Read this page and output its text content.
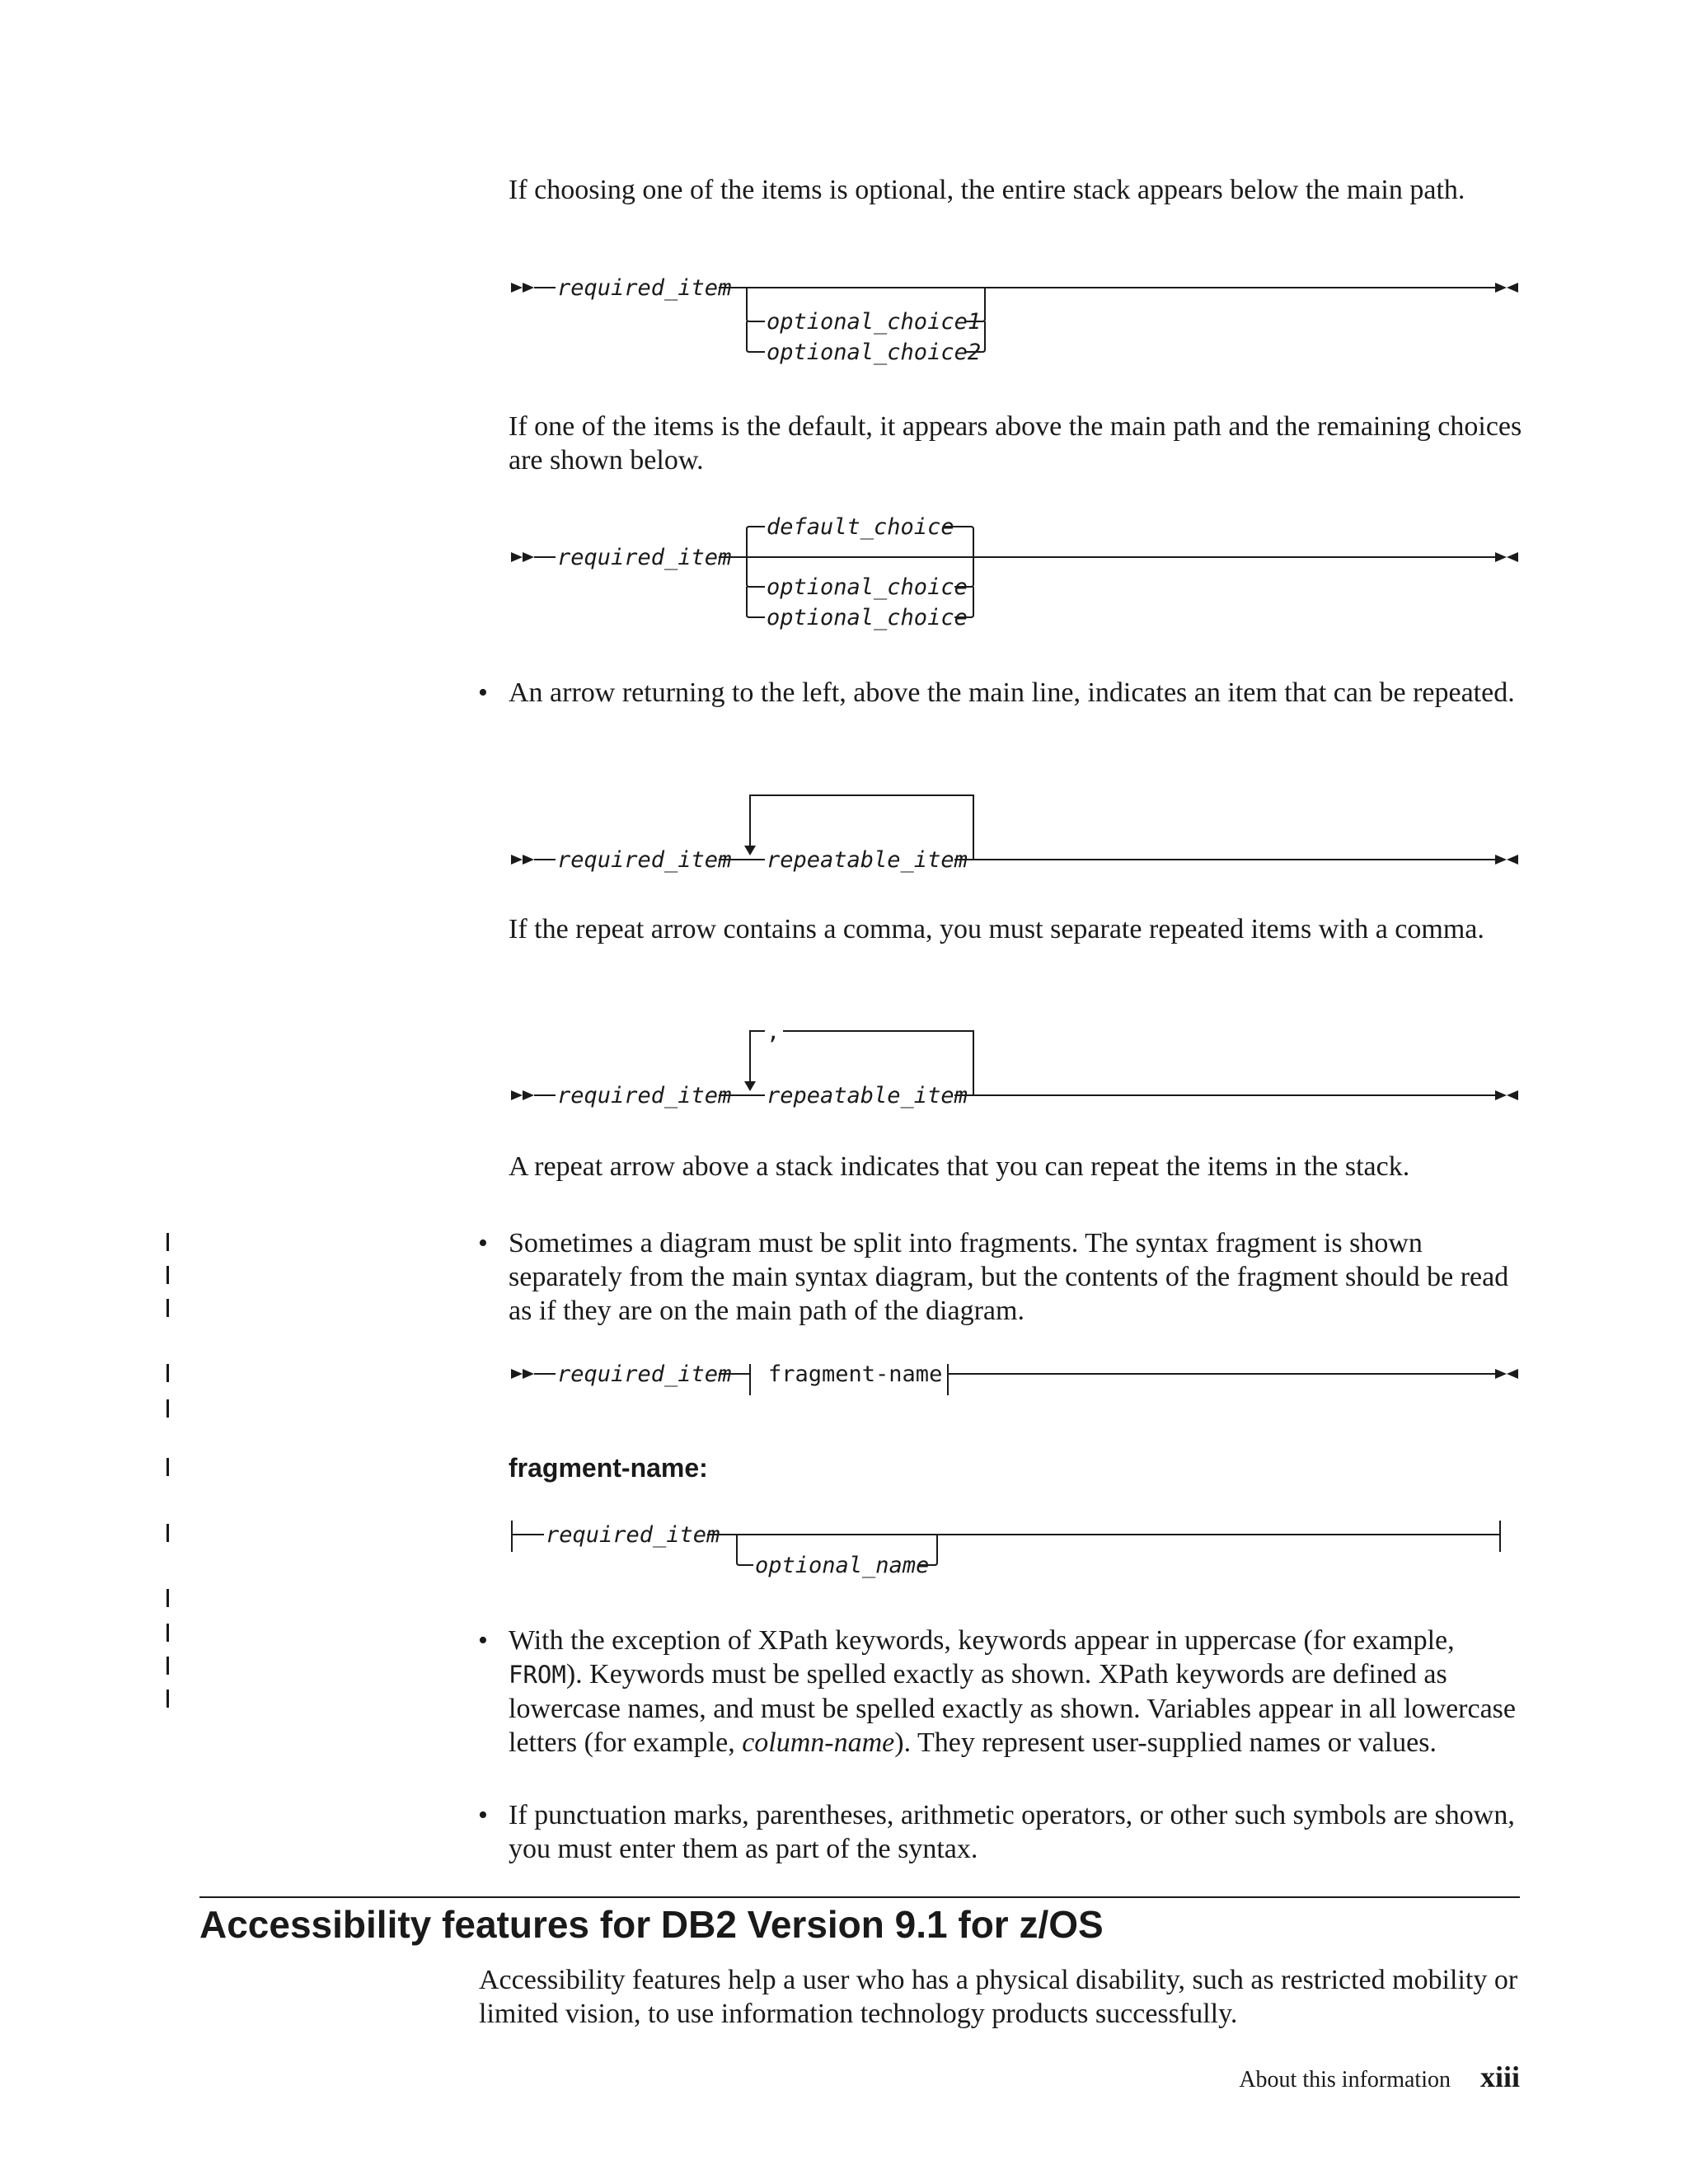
If choosing one of the items is optional, the entire stack appears below the main path.

required_item
optional_choice1
optional_choice2

If one of the items is the default, it appears above the main path and the remaining choices are shown below.

required_item
default_choice
optional_choice
optional_choice
• An arrow returning to the left, above the main line, indicates an item that can be repeated.

required_item repeatable_item

If the repeat arrow contains a comma, you must separate repeated items with a comma.

required_item
,
repeatable_item

A repeat arrow above a stack indicates that you can repeat the items in the stack.

• Sometimes a diagram must be split into fragments. The syntax fragment is shown separately from the main syntax diagram, but the contents of the fragment should be read as if they are on the main path of the diagram.

required_item fragment-name
fragment-name:
required_item
optional_name
• With the exception of XPath keywords, keywords appear in uppercase (for example, FROM). Keywords must be spelled exactly as shown. XPath keywords are defined as lowercase names, and must be spelled exactly as shown. Variables appear in all lowercase letters (for example, column-name). They represent user-supplied names or values.

• If punctuation marks, parentheses, arithmetic operators, or other such symbols are shown, you must enter them as part of the syntax.

Accessibility features for DB2 Version 9.1 for z/OS

Accessibility features help a user who has a physical disability, such as restricted mobility or limited vision, to use information technology products successfully.

About this information xiii
